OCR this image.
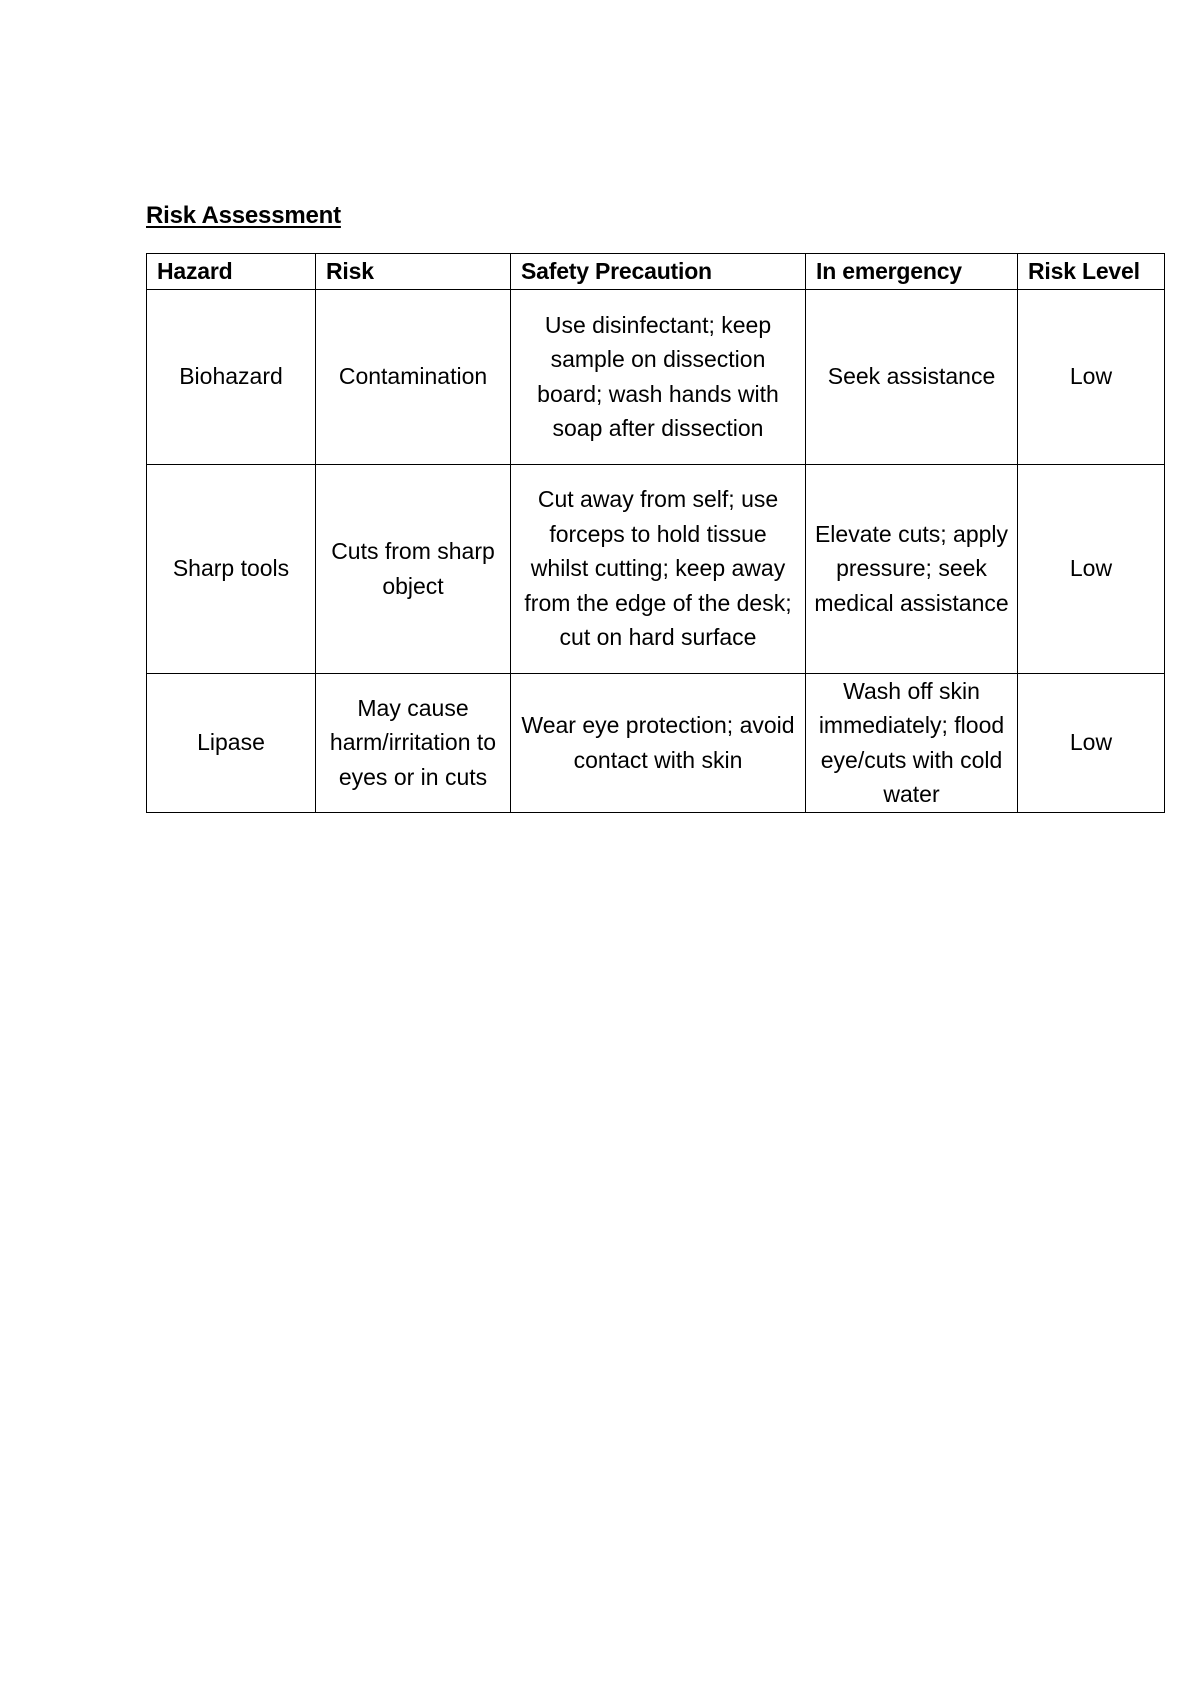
Risk Assessment
Hazard	Risk	Safety Precaution	In emergency	Risk Level
Biohazard	Contamination	Use disinfectant; keep sample on dissection board; wash hands with soap after dissection	Seek assistance	Low
Sharp tools	Cuts from sharp object	Cut away from self; use forceps to hold tissue whilst cutting; keep away from the edge of the desk; cut on hard surface	Elevate cuts; apply pressure; seek medical assistance	Low
Lipase	May cause harm/irritation to eyes or in cuts	Wear eye protection; avoid contact with skin	Wash off skin immediately; flood eye/cuts with cold water	Low
